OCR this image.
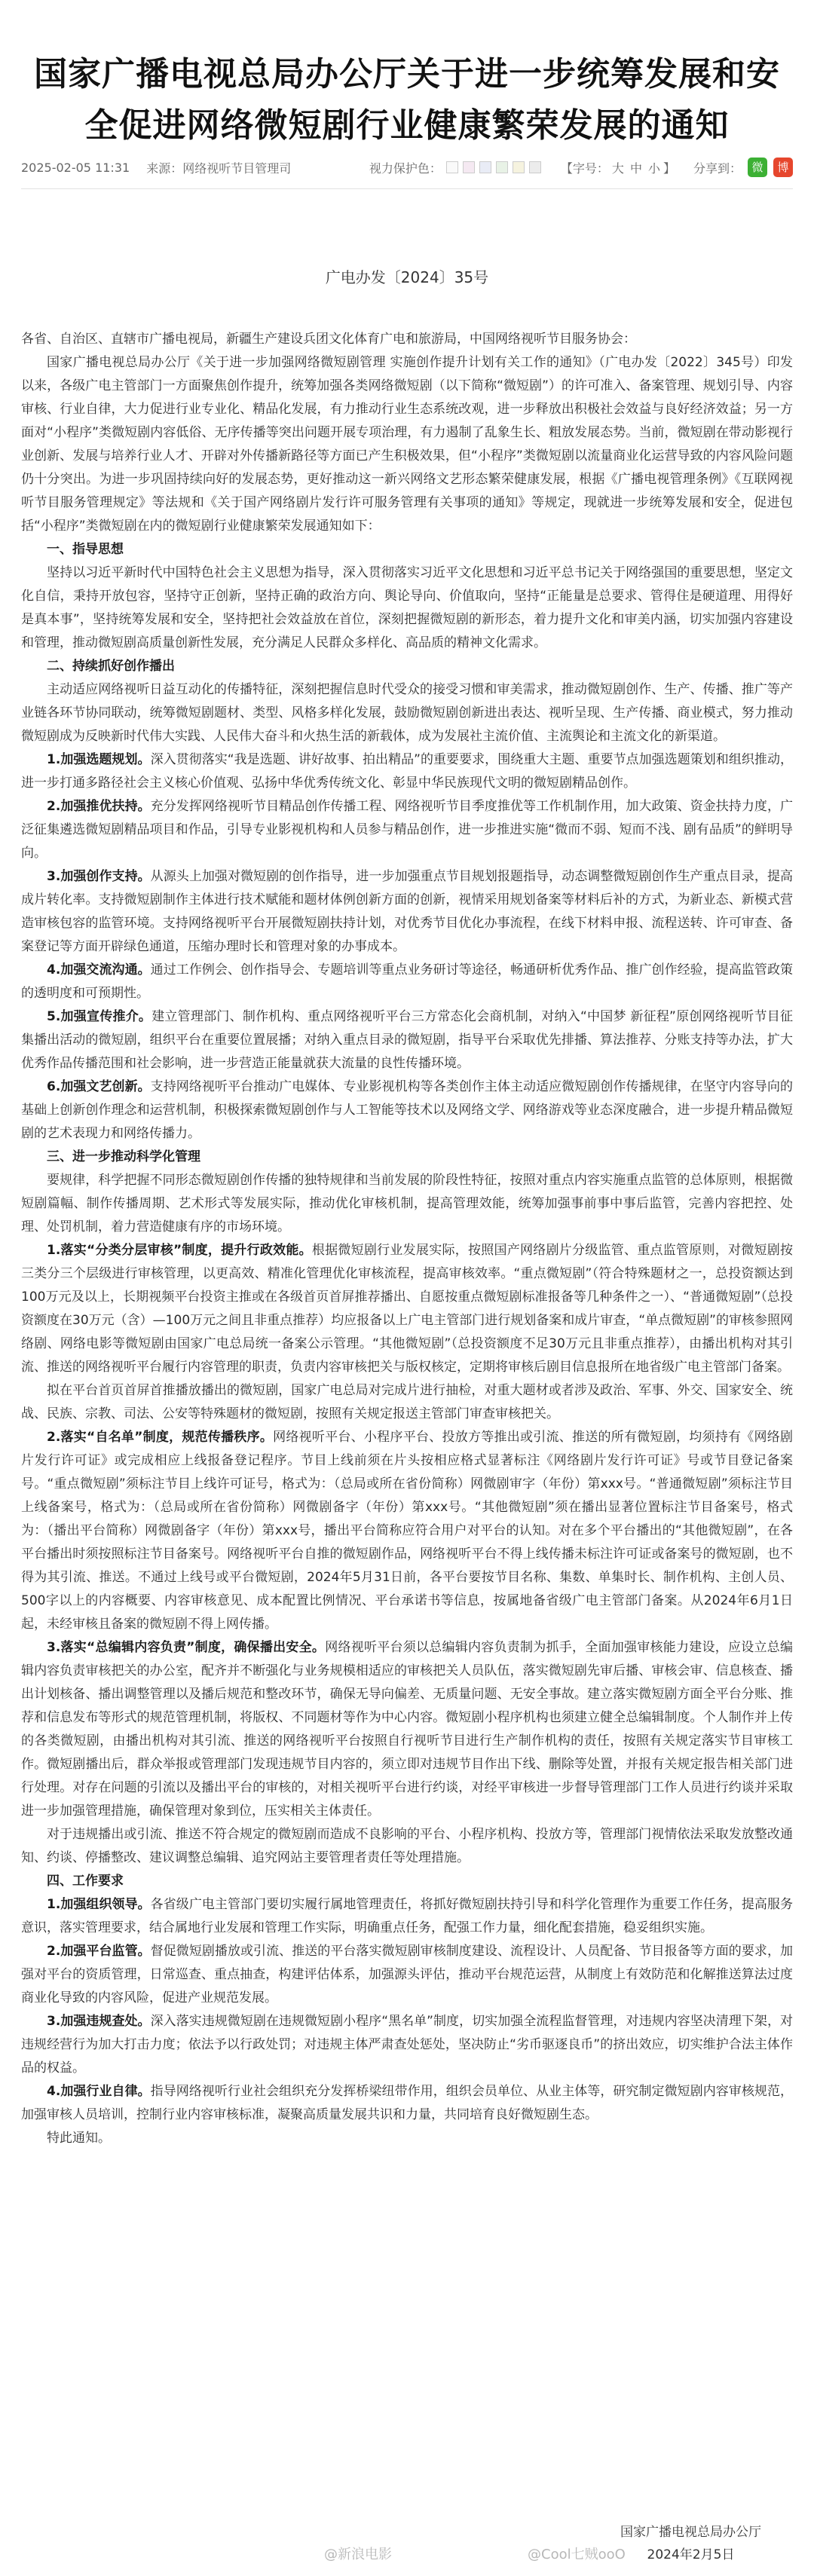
国家广播电视总局办公厅关于进一步统筹发展和安全促进网络微短剧行业健康繁荣发展的通知
2025-02-05 11:31 来源：网络视听节目管理司	视力保护色：	【字号： 大 中 小 】 分享到： 微	博
广电办发〔2024〕35号

各省、自治区、直辖市广播电视局，新疆生产建设兵团文化体育广电和旅游局，中国网络视听节目服务协会：

国家广播电视总局办公厅《关于进一步加强网络微短剧管理 实施创作提升计划有关工作的通知》（广电办发〔2022〕345号）印发以来，各级广电主管部门一方面聚焦创作提升，统筹加强各类网络微短剧（以下简称“微短剧”）的许可准入、备案管理、规划引导、内容审核、行业自律，大力促进行业专业化、精品化发展，有力推动行业生态系统改观，进一步释放出积极社会效益与良好经济效益；另一方面对“小程序”类微短剧内容低俗、无序传播等突出问题开展专项治理，有力遏制了乱象生长、粗放发展态势。当前，微短剧在带动影视行业创新、发展与培养行业人才、开辟对外传播新路径等方面已产生积极效果，但“小程序”类微短剧以流量商业化运营导致的内容风险问题仍十分突出。为进一步巩固持续向好的发展态势，更好推动这一新兴网络文艺形态繁荣健康发展，根据《广播电视管理条例》《互联网视听节目服务管理规定》等法规和《关于国产网络剧片发行许可服务管理有关事项的通知》等规定，现就进一步统筹发展和安全，促进包括“小程序”类微短剧在内的微短剧行业健康繁荣发展通知如下：

一、指导思想

坚持以习近平新时代中国特色社会主义思想为指导，深入贯彻落实习近平文化思想和习近平总书记关于网络强国的重要思想，坚定文化自信，秉持开放包容，坚持守正创新，坚持正确的政治方向、舆论导向、价值取向，坚持“正能量是总要求、管得住是硬道理、用得好是真本事”，坚持统筹发展和安全，坚持把社会效益放在首位，深刻把握微短剧的新形态，着力提升文化和审美内涵，切实加强内容建设和管理，推动微短剧高质量创新性发展，充分满足人民群众多样化、高品质的精神文化需求。

二、持续抓好创作播出

主动适应网络视听日益互动化的传播特征，深刻把握信息时代受众的接受习惯和审美需求，推动微短剧创作、生产、传播、推广等产业链各环节协同联动，统筹微短剧题材、类型、风格多样化发展，鼓励微短剧创新进出表达、视听呈现、生产传播、商业模式，努力推动微短剧成为反映新时代伟大实践、人民伟大奋斗和火热生活的新载体，成为发展社主流价值、主流舆论和主流文化的新渠道。

1.加强选题规划。深入贯彻落实“我是选题、讲好故事、拍出精品”的重要要求，围绕重大主题、重要节点加强选题策划和组织推动，进一步打通多路径社会主义核心价值观、弘扬中华优秀传统文化、彰显中华民族现代文明的微短剧精品创作。

2.加强推优扶持。充分发挥网络视听节目精品创作传播工程、网络视听节目季度推优等工作机制作用，加大政策、资金扶持力度，广泛征集遴选微短剧精品项目和作品，引导专业影视机构和人员参与精品创作，进一步推进实施“微而不弱、短而不浅、剧有品质”的鲜明导向。

3.加强创作支持。从源头上加强对微短剧的创作指导，进一步加强重点节目规划报题指导，动态调整微短剧创作生产重点目录，提高成片转化率。支持微短剧制作主体进行技术赋能和题材体例创新方面的创新，视情采用规划备案等材料后补的方式，为新业态、新模式营造审核包容的监管环境。支持网络视听平台开展微短剧扶持计划，对优秀节目优化办事流程，在线下材料申报、流程送转、许可审查、备案登记等方面开辟绿色通道，压缩办理时长和管理对象的办事成本。

4.加强交流沟通。通过工作例会、创作指导会、专题培训等重点业务研讨等途径，畅通研析优秀作品、推广创作经验，提高监管政策的透明度和可预期性。

5.加强宣传推介。建立管理部门、制作机构、重点网络视听平台三方常态化会商机制，对纳入“中国梦 新征程”原创网络视听节目征集播出活动的微短剧，组织平台在重要位置展播；对纳入重点目录的微短剧，指导平台采取优先排播、算法推荐、分账支持等办法，扩大优秀作品传播范围和社会影响，进一步营造正能量就获大流量的良性传播环境。

6.加强文艺创新。支持网络视听平台推动广电媒体、专业影视机构等各类创作主体主动适应微短剧创作传播规律，在坚守内容导向的基础上创新创作理念和运营机制，积极探索微短剧创作与人工智能等技术以及网络文学、网络游戏等业态深度融合，进一步提升精品微短剧的艺术表现力和网络传播力。

三、进一步推动科学化管理

要规律，科学把握不同形态微短剧创作传播的独特规律和当前发展的阶段性特征，按照对重点内容实施重点监管的总体原则，根据微短剧篇幅、制作传播周期、艺术形式等发展实际，推动优化审核机制，提高管理效能，统筹加强事前事中事后监管，完善内容把控、处理、处罚机制，着力营造健康有序的市场环境。

1.落实“分类分层审核”制度，提升行政效能。根据微短剧行业发展实际，按照国产网络剧片分级监管、重点监管原则，对微短剧按三类分三个层级进行审核管理，以更高效、精准化管理优化审核流程，提高审核效率。“重点微短剧”（符合特殊题材之一，总投资额达到100万元及以上，长期视频平台投资主推或在各级首页首屏推荐播出、自愿按重点微短剧标准报备等几种条件之一）、“普通微短剧”（总投资额度在30万元（含）—100万元之间且非重点推荐）均应报备以上广电主管部门进行规划备案和成片审查，“单点微短剧”的审核参照网络剧、网络电影等微短剧由国家广电总局统一备案公示管理。“其他微短剧”（总投资额度不足30万元且非重点推荐），由播出机构对其引流、推送的网络视听平台履行内容管理的职责，负责内容审核把关与版权核定，定期将审核后剧目信息报所在地省级广电主管部门备案。

拟在平台首页首屏首推播放播出的微短剧，国家广电总局对完成片进行抽检，对重大题材或者涉及政治、军事、外交、国家安全、统战、民族、宗教、司法、公安等特殊题材的微短剧，按照有关规定报送主管部门审查审核把关。

2.落实“自名单”制度，规范传播秩序。网络视听平台、小程序平台、投放方等推出或引流、推送的所有微短剧，均须持有《网络剧片发行许可证》或完成相应上线报备登记程序。节目上线前须在片头按相应格式显著标注《网络剧片发行许可证》号或节目登记备案号。“重点微短剧”须标注节目上线许可证号，格式为：（总局或所在省份简称）网微剧审字（年份）第xxx号。“普通微短剧”须标注节目上线备案号，格式为：（总局或所在省份简称）网微剧备字（年份）第xxx号。“其他微短剧”须在播出显著位置标注节目备案号，格式为：（播出平台简称）网微剧备字（年份）第xxx号，播出平台简称应符合用户对平台的认知。对在多个平台播出的“其他微短剧”，在各平台播出时须按照标注节目备案号。网络视听平台自推的微短剧作品，网络视听平台不得上线传播未标注许可证或备案号的微短剧，也不得为其引流、推送。不通过上线号或平台微短剧，2024年5月31日前，各平台要按节目名称、集数、单集时长、制作机构、主创人员、500字以上的内容概要、内容审核意见、成本配置比例情况、平台承诺书等信息，按属地备省级广电主管部门备案。从2024年6月1日起，未经审核且备案的微短剧不得上网传播。

3.落实“总编辑内容负责”制度，确保播出安全。网络视听平台须以总编辑内容负责制为抓手，全面加强审核能力建设，应设立总编辑内容负责审核把关的办公室，配齐并不断强化与业务规模相适应的审核把关人员队伍，落实微短剧先审后播、审核会审、信息核查、播出计划核备、播出调整管理以及播后规范和整改环节，确保无导向偏差、无质量问题、无安全事故。建立落实微短剧方面全平台分账、推荐和信息发布等形式的规范管理机制，将版权、不同题材等作为中心内容。微短剧小程序机构也须建立健全总编辑制度。个人制作并上传的各类微短剧，由播出机构对其引流、推送的网络视听平台按照自行视听节目进行生产制作机构的责任，按照有关规定落实节目审核工作。微短剧播出后，群众举报或管理部门发现违规节目内容的，须立即对违规节目作出下线、删除等处置，并报有关规定报告相关部门进行处理。对存在问题的引流以及播出平台的审核的，对相关视听平台进行约谈，对经平审核进一步督导管理部门工作人员进行约谈并采取进一步加强管理措施，确保管理对象到位，压实相关主体责任。

对于违规播出或引流、推送不符合规定的微短剧而造成不良影响的平台、小程序机构、投放方等，管理部门视情依法采取发放整改通知、约谈、停播整改、建议调整总编辑、追究网站主要管理者责任等处理措施。

四、工作要求

1.加强组织领导。各省级广电主管部门要切实履行属地管理责任，将抓好微短剧扶持引导和科学化管理作为重要工作任务，提高服务意识，落实管理要求，结合属地行业发展和管理工作实际，明确重点任务，配强工作力量，细化配套措施，稳妥组织实施。

2.加强平台监管。督促微短剧播放或引流、推送的平台落实微短剧审核制度建设、流程设计、人员配备、节目报备等方面的要求，加强对平台的资质管理，日常巡查、重点抽查，构建评估体系，加强源头评估，推动平台规范运营，从制度上有效防范和化解推送算法过度商业化导致的内容风险，促进产业规范发展。

3.加强违规查处。深入落实违规微短剧在违规微短剧小程序“黑名单”制度，切实加强全流程监督管理，对违规内容坚决清理下架，对违规经营行为加大打击力度；依法予以行政处罚；对违规主体严肃查处惩处，坚决防止“劣币驱逐良币”的挤出效应，切实维护合法主体作品的权益。

4.加强行业自律。指导网络视听行业社会组织充分发挥桥梁纽带作用，组织会员单位、从业主体等，研究制定微短剧内容审核规范，加强审核人员培训，控制行业内容审核标准，凝聚高质量发展共识和力量，共同培育良好微短剧生态。

特此通知。

国家广播电视总局办公厅
2024年2月5日
@新浪电影	@Cool七贼ooO
